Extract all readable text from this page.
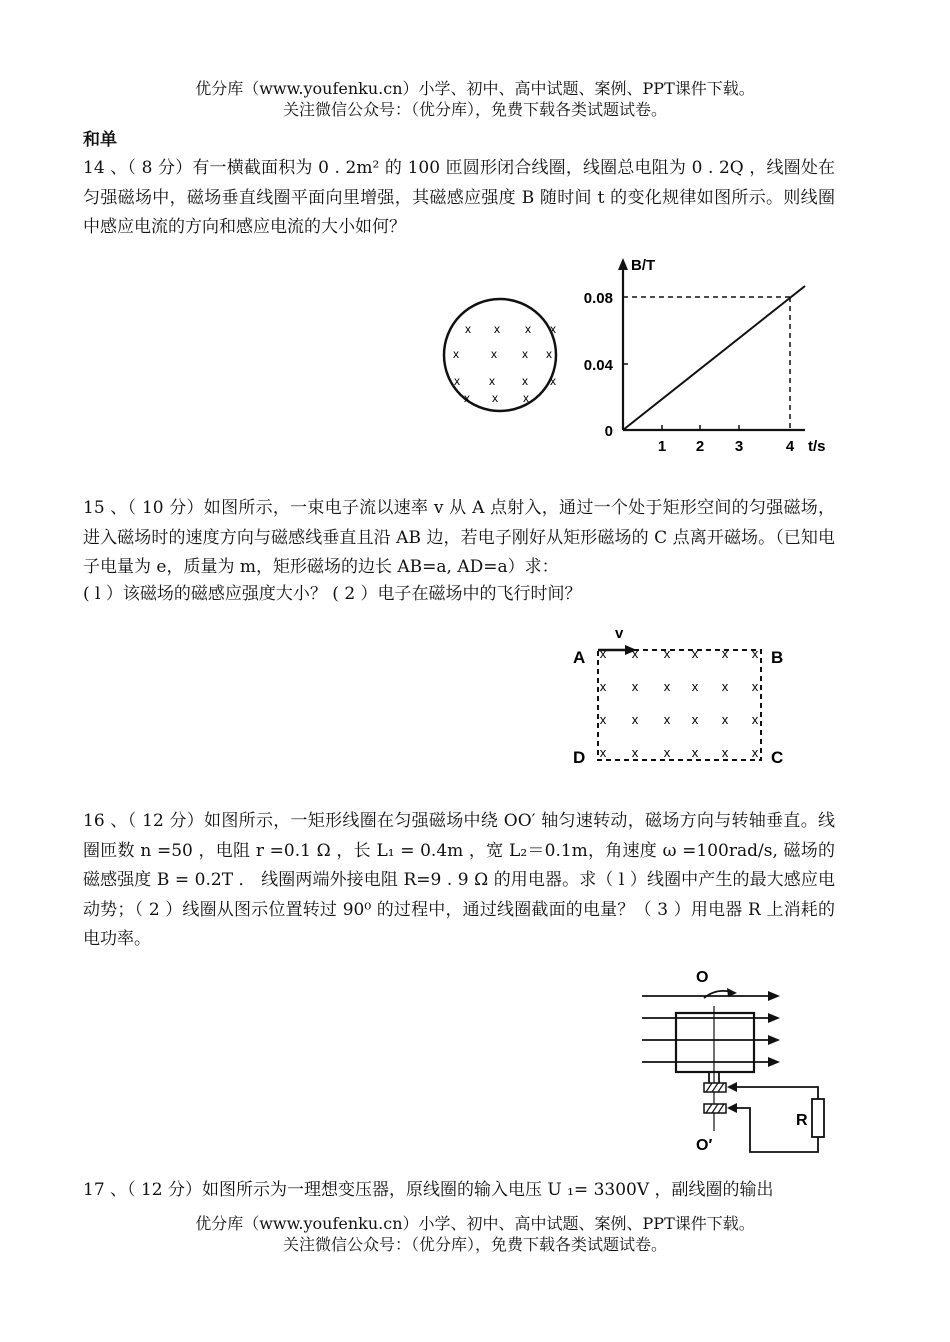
优分库（www.youfenku.cn）小学、初中、高中试题、案例、PPT课件下载。
关注微信公众号：（优分库），免费下载各类试题试卷。
和单
14 、（ 8 分）有一横截面积为 0 . 2m² 的 100 匝圆形闭合线圈，线圈总电阻为 0 . 2Q ，线圈处在匀强磁场中，磁场垂直线圈平面向里增强，其磁感应强度 B 随时间 t 的变化规律如图所示。则线圈中感应电流的方向和感应电流的大小如何？
x x x
x	x x x
x x x x
x x x
x
B/T
0.08
0.04
0
1 2 3	4 t/s
15 、（ 10 分）如图所示，一束电子流以速率 v 从 A 点射入，通过一个处于矩形空间的匀强磁场，进入磁场时的速度方向与磁感线垂直且沿 AB 边，若电子刚好从矩形磁场的 C 点离开磁场。（已知电子电量为 e，质量为 m，矩形磁场的边长 AB=a, AD=a）求：
( l ）该磁场的磁感应强度大小？ ( 2 ）电子在磁场中的飞行时间？
v
A	B
C
D
x x x x x x
x x x x x x
x x x x x x
x x x x x x
16 、（ 12 分）如图所示，一矩形线圈在匀强磁场中绕 OO′ 轴匀速转动，磁场方向与转轴垂直。线圈匝数 n =50 ，电阻 r =0.1 Ω ，长 L₁ = 0.4m ，宽 L₂＝0.1m，角速度 ω =100rad/s, 磁场的磁感强度 B = 0.2T ． 线圈两端外接电阻 R=9 . 9 Ω 的用电器。求（ l ）线圈中产生的最大感应电动势；（ 2 ）线圈从图示位置转过 90⁰ 的过程中，通过线圈截面的电量？（ 3 ）用电器 R 上消耗的电功率。
O
O′
R
17 、（ 12 分）如图所示为一理想变压器，原线圈的输入电压 U ₁= 3300V ，副线圈的输出
优分库（www.youfenku.cn）小学、初中、高中试题、案例、PPT课件下载。
关注微信公众号：（优分库），免费下载各类试题试卷。
